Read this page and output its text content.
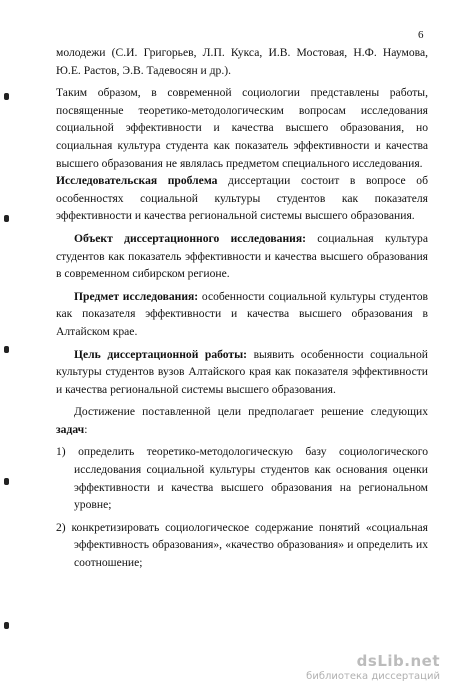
6

молодежи (С.И. Григорьев, Л.П. Кукса, И.В. Мостовая, Н.Ф. Наумова, Ю.Е. Растов, Э.В. Тадевосян и др.).

Таким образом, в современной социологии представлены работы, посвященные теоретико-методологическим вопросам исследования социальной эффективности и качества высшего образования, но социальная культура студента как показатель эффективности и качества высшего образования не являлась предметом специального исследования.

Исследовательская проблема диссертации состоит в вопросе об особенностях социальной культуры студентов как показателя эффективности и качества региональной системы высшего образования.

Объект диссертационного исследования: социальная культура студентов как показатель эффективности и качества высшего образования в современном сибирском регионе.

Предмет исследования: особенности социальной культуры студентов как показателя эффективности и качества высшего образования в Алтайском крае.

Цель диссертационной работы: выявить особенности социальной культуры студентов вузов Алтайского края как показателя эффективности и качества региональной системы высшего образования.

Достижение поставленной цели предполагает решение следующих задач:

1) определить теоретико-методологическую базу социологического исследования социальной культуры студентов как основания оценки эффективности и качества высшего образования на региональном уровне;

2) конкретизировать социологическое содержание понятий «социальная эффективность образования», «качество образования» и определить их соотношение;

dsLib.net
библиотека диссертаций
